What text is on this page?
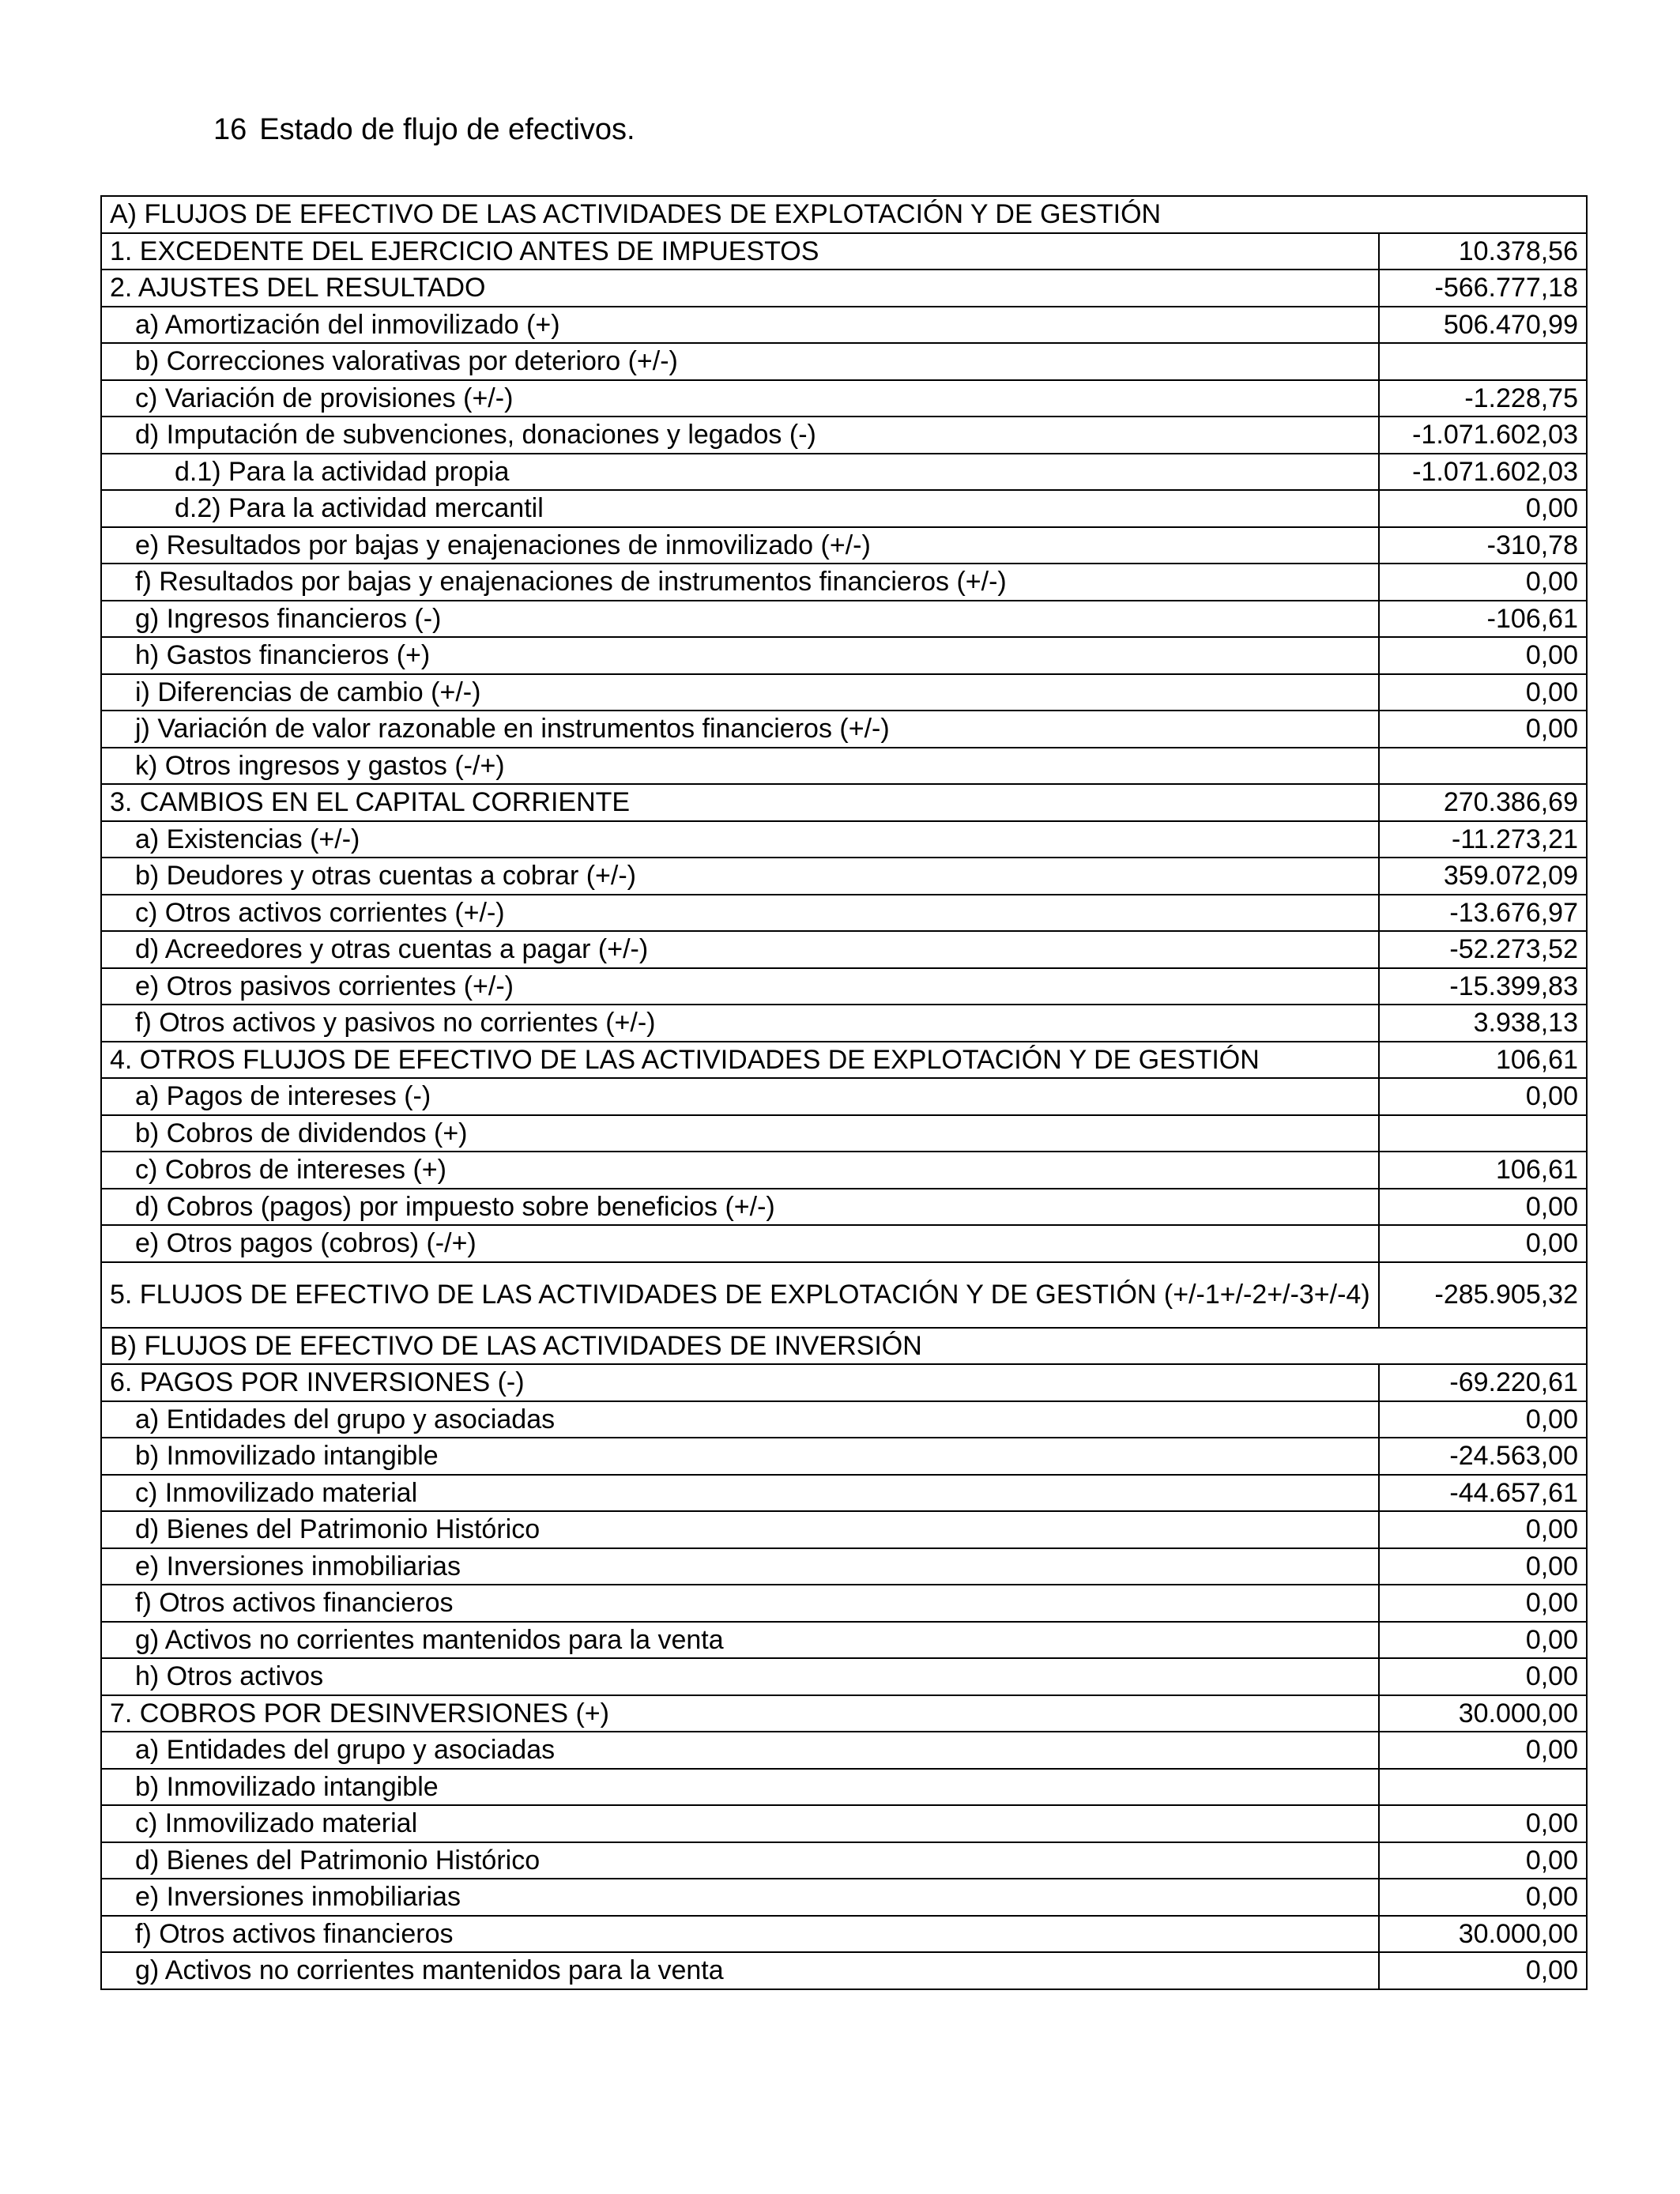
16 Estado de flujo de efectivos.
A) FLUJOS DE EFECTIVO DE LAS ACTIVIDADES DE EXPLOTACIÓN Y DE GESTIÓN	
1. EXCEDENTE DEL EJERCICIO ANTES DE IMPUESTOS	10.378,56
2. AJUSTES DEL RESULTADO	-566.777,18
a) Amortización del inmovilizado (+)	506.470,99
b) Correcciones valorativas por deterioro (+/-)	
c) Variación de provisiones (+/-)	-1.228,75
d) Imputación de subvenciones, donaciones y legados (-)	-1.071.602,03
d.1) Para la actividad propia	-1.071.602,03
d.2) Para la actividad mercantil	0,00
e) Resultados por bajas y enajenaciones de inmovilizado (+/-)	-310,78
f) Resultados por bajas y enajenaciones de instrumentos financieros (+/-)	0,00
g) Ingresos financieros (-)	-106,61
h) Gastos financieros (+)	0,00
i) Diferencias de cambio (+/-)	0,00
j) Variación de valor razonable en instrumentos financieros (+/-)	0,00
k) Otros ingresos y gastos (-/+)	
3. CAMBIOS EN EL CAPITAL CORRIENTE	270.386,69
a) Existencias (+/-)	-11.273,21
b) Deudores y otras cuentas a cobrar (+/-)	359.072,09
c) Otros activos corrientes (+/-)	-13.676,97
d) Acreedores y otras cuentas a pagar (+/-)	-52.273,52
e) Otros pasivos corrientes (+/-)	-15.399,83
f) Otros activos y pasivos no corrientes (+/-)	3.938,13
4. OTROS FLUJOS DE EFECTIVO DE LAS ACTIVIDADES DE EXPLOTACIÓN Y DE GESTIÓN	106,61
a) Pagos de intereses (-)	0,00
b) Cobros de dividendos (+)	
c) Cobros de intereses (+)	106,61
d) Cobros (pagos) por impuesto sobre beneficios (+/-)	0,00
e) Otros pagos (cobros) (-/+)	0,00
5. FLUJOS DE EFECTIVO DE LAS ACTIVIDADES DE EXPLOTACIÓN Y DE GESTIÓN (+/-1+/-2+/-3+/-4)	-285.905,32
B) FLUJOS DE EFECTIVO DE LAS ACTIVIDADES DE INVERSIÓN	
6. PAGOS POR INVERSIONES (-)	-69.220,61
a) Entidades del grupo y asociadas	0,00
b) Inmovilizado intangible	-24.563,00
c) Inmovilizado material	-44.657,61
d) Bienes del Patrimonio Histórico	0,00
e) Inversiones inmobiliarias	0,00
f) Otros activos financieros	0,00
g) Activos no corrientes mantenidos para la venta	0,00
h) Otros activos	0,00
7. COBROS POR DESINVERSIONES (+)	30.000,00
a) Entidades del grupo y asociadas	0,00
b) Inmovilizado intangible	
c) Inmovilizado material	0,00
d) Bienes del Patrimonio Histórico	0,00
e) Inversiones inmobiliarias	0,00
f) Otros activos financieros	30.000,00
g) Activos no corrientes mantenidos para la venta	0,00
